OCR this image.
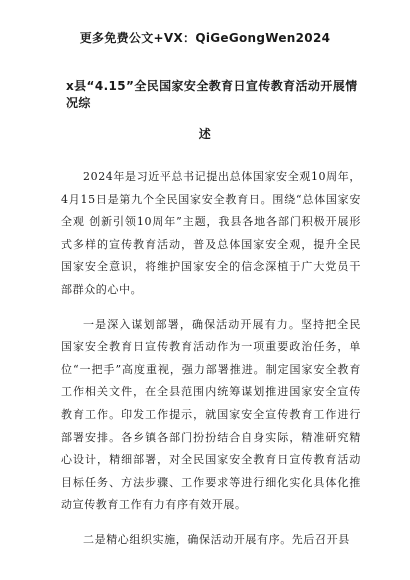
更多免费公文+VX：QiGeGongWen2024
x县“4.15”全民国家安全教育日宣传教育活动开展情况综
述

2024年是习近平总书记提出总体国家安全观10周年，4月15日是第九个全民国家安全教育日。围绕“总体国家安全观 创新引领10周年”主题，我县各地各部门积极开展形式多样的宣传教育活动，普及总体国家安全观，提升全民国家安全意识，将维护国家安全的信念深植于广大党员干部群众的心中。

一是深入谋划部署，确保活动开展有力。坚持把全民国家安全教育日宣传教育活动作为一项重要政治任务，单位“一把手”高度重视，强力部署推进。制定国家安全教育工作相关文件，在全县范围内统筹谋划推进国家安全宣传教育工作。印发工作提示，就国家安全宣传教育工作进行部署安排。各乡镇各部门扮扮结合自身实际，精准研究精心设计，精细部署，对全民国家安全教育日宣传教育活动目标任务、方法步骤、工作要求等进行细化实化具体化推动宣传教育工作有力有序有效开展。

二是精心组织实施，确保活动开展有序。先后召开县
